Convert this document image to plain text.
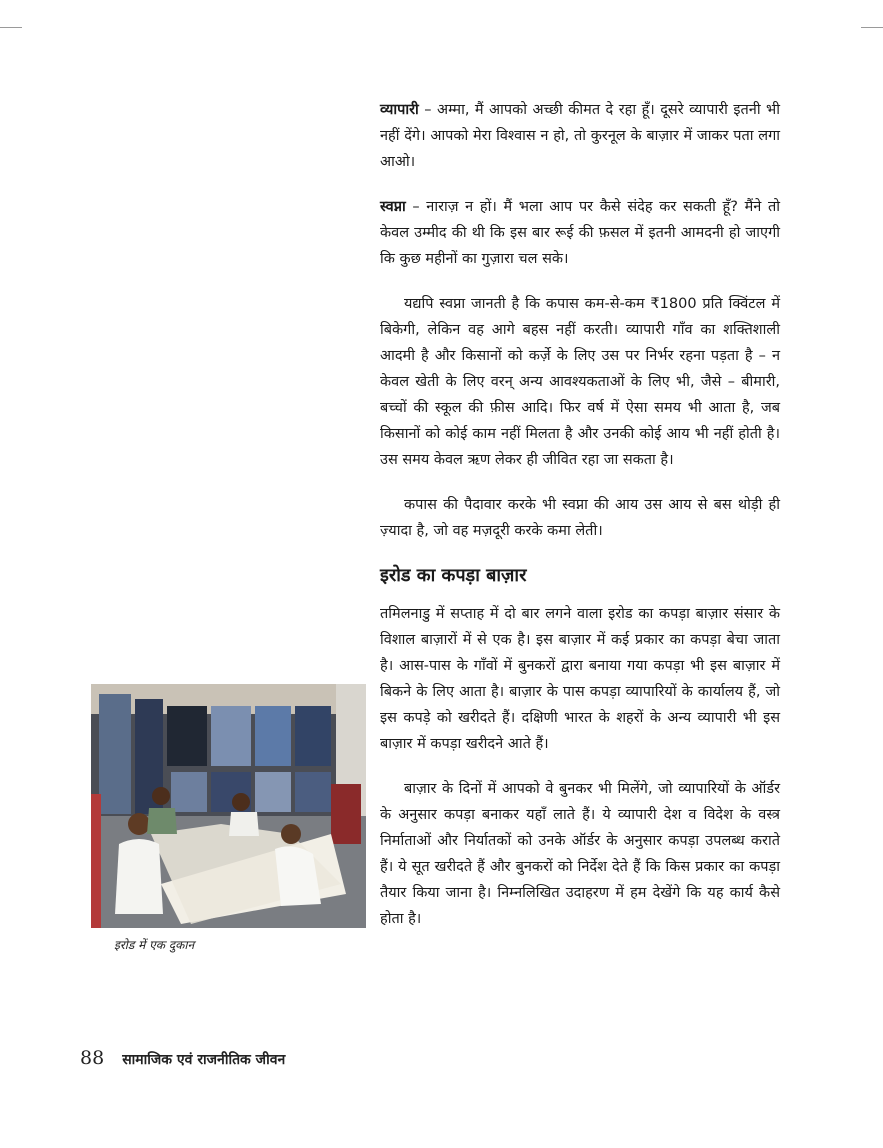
व्यापारी – अम्मा, मैं आपको अच्छी कीमत दे रहा हूँ। दूसरे व्यापारी इतनी भी नहीं देंगे। आपको मेरा विश्वास न हो, तो कुरनूल के बाज़ार में जाकर पता लगा आओ।

स्वप्ना – नाराज़ न हों। मैं भला आप पर कैसे संदेह कर सकती हूँ? मैंने तो केवल उम्मीद की थी कि इस बार रूई की फ़सल में इतनी आमदनी हो जाएगी कि कुछ महीनों का गुज़ारा चल सके।

यद्यपि स्वप्ना जानती है कि कपास कम-से-कम ₹1800 प्रति क्विंटल में बिकेगी, लेकिन वह आगे बहस नहीं करती। व्यापारी गाँव का शक्तिशाली आदमी है और किसानों को कर्ज़े के लिए उस पर निर्भर रहना पड़ता है – न केवल खेती के लिए वरन् अन्य आवश्यकताओं के लिए भी, जैसे – बीमारी, बच्चों की स्कूल की फ़ीस आदि। फिर वर्ष में ऐसा समय भी आता है, जब किसानों को कोई काम नहीं मिलता है और उनकी कोई आय भी नहीं होती है। उस समय केवल ऋण लेकर ही जीवित रहा जा सकता है।

कपास की पैदावार करके भी स्वप्ना की आय उस आय से बस थोड़ी ही ज़्यादा है, जो वह मज़दूरी करके कमा लेती।

इरोड का कपड़ा बाज़ार

तमिलनाडु में सप्ताह में दो बार लगने वाला इरोड का कपड़ा बाज़ार संसार के विशाल बाज़ारों में से एक है। इस बाज़ार में कई प्रकार का कपड़ा बेचा जाता है। आस-पास के गाँवों में बुनकरों द्वारा बनाया गया कपड़ा भी इस बाज़ार में बिकने के लिए आता है। बाज़ार के पास कपड़ा व्यापारियों के कार्यालय हैं, जो इस कपड़े को खरीदते हैं। दक्षिणी भारत के शहरों के अन्य व्यापारी भी इस बाज़ार में कपड़ा खरीदने आते हैं।

बाज़ार के दिनों में आपको वे बुनकर भी मिलेंगे, जो व्यापारियों के ऑर्डर के अनुसार कपड़ा बनाकर यहाँ लाते हैं। ये व्यापारी देश व विदेश के वस्त्र निर्माताओं और निर्यातकों को उनके ऑर्डर के अनुसार कपड़ा उपलब्ध कराते हैं। ये सूत खरीदते हैं और बुनकरों को निर्देश देते हैं कि किस प्रकार का कपड़ा तैयार किया जाना है। निम्नलिखित उदाहरण में हम देखेंगे कि यह कार्य कैसे होता है।

इरोड में एक दुकान
88 सामाजिक एवं राजनीतिक जीवन
